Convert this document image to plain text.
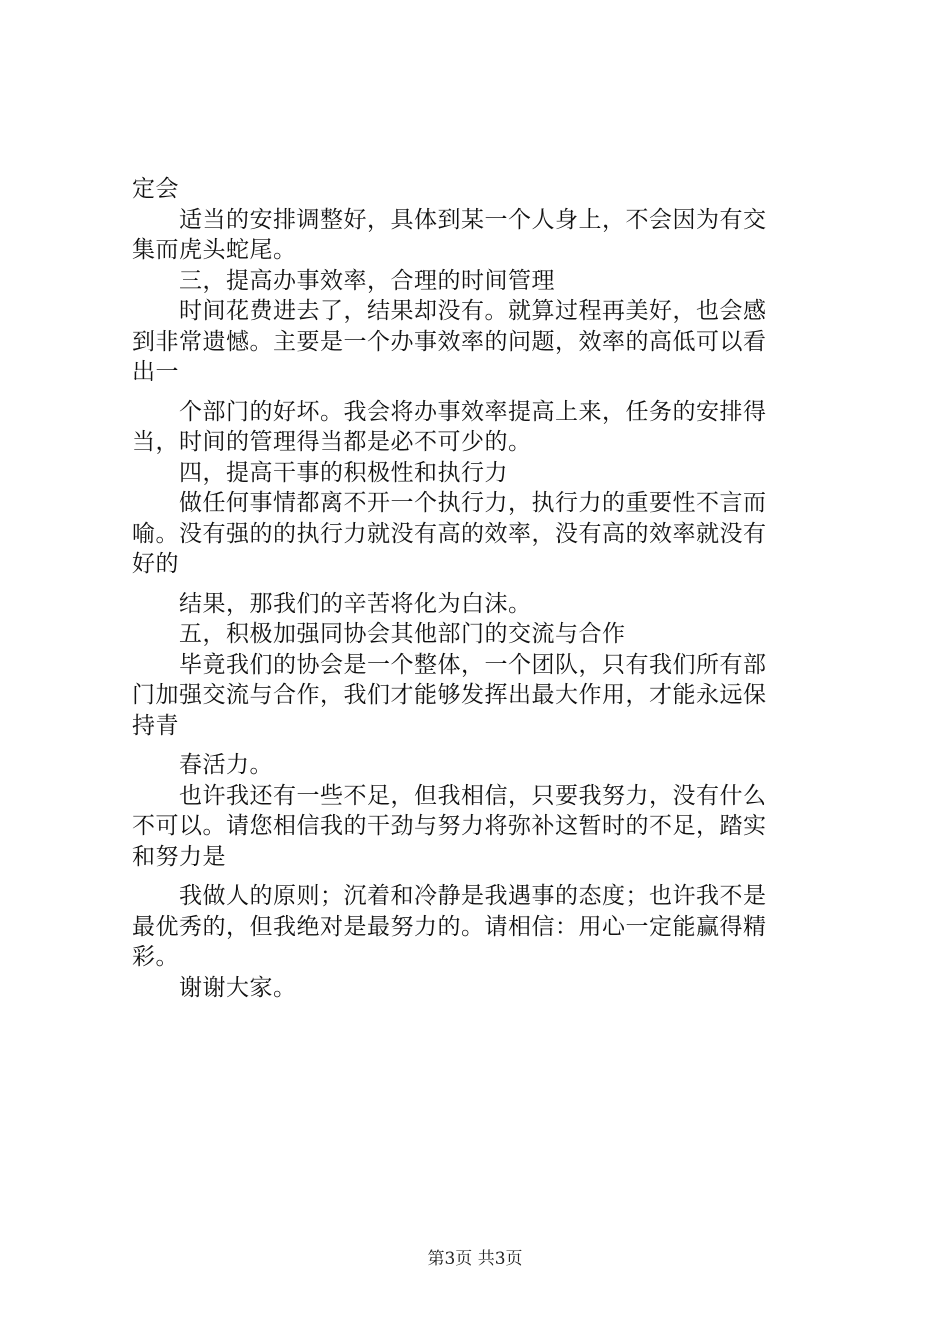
定会
适当的安排调整好，具体到某一个人身上，不会因为有交
集而虎头蛇尾。
三，提高办事效率，合理的时间管理
时间花费进去了，结果却没有。就算过程再美好，也会感
到非常遗憾。主要是一个办事效率的问题，效率的高低可以看
出一
个部门的好坏。我会将办事效率提高上来，任务的安排得
当，时间的管理得当都是必不可少的。
四，提高干事的积极性和执行力
做任何事情都离不开一个执行力，执行力的重要性不言而
喻。没有强的的执行力就没有高的效率，没有高的效率就没有
好的
结果，那我们的辛苦将化为白沫。
五，积极加强同协会其他部门的交流与合作
毕竟我们的协会是一个整体，一个团队，只有我们所有部
门加强交流与合作，我们才能够发挥出最大作用，才能永远保
持青
春活力。
也许我还有一些不足，但我相信，只要我努力，没有什么
不可以。请您相信我的干劲与努力将弥补这暂时的不足，踏实
和努力是
我做人的原则；沉着和冷静是我遇事的态度；也许我不是
最优秀的，但我绝对是最努力的。请相信：用心一定能赢得精
彩。
谢谢大家。
第3页 共3页
